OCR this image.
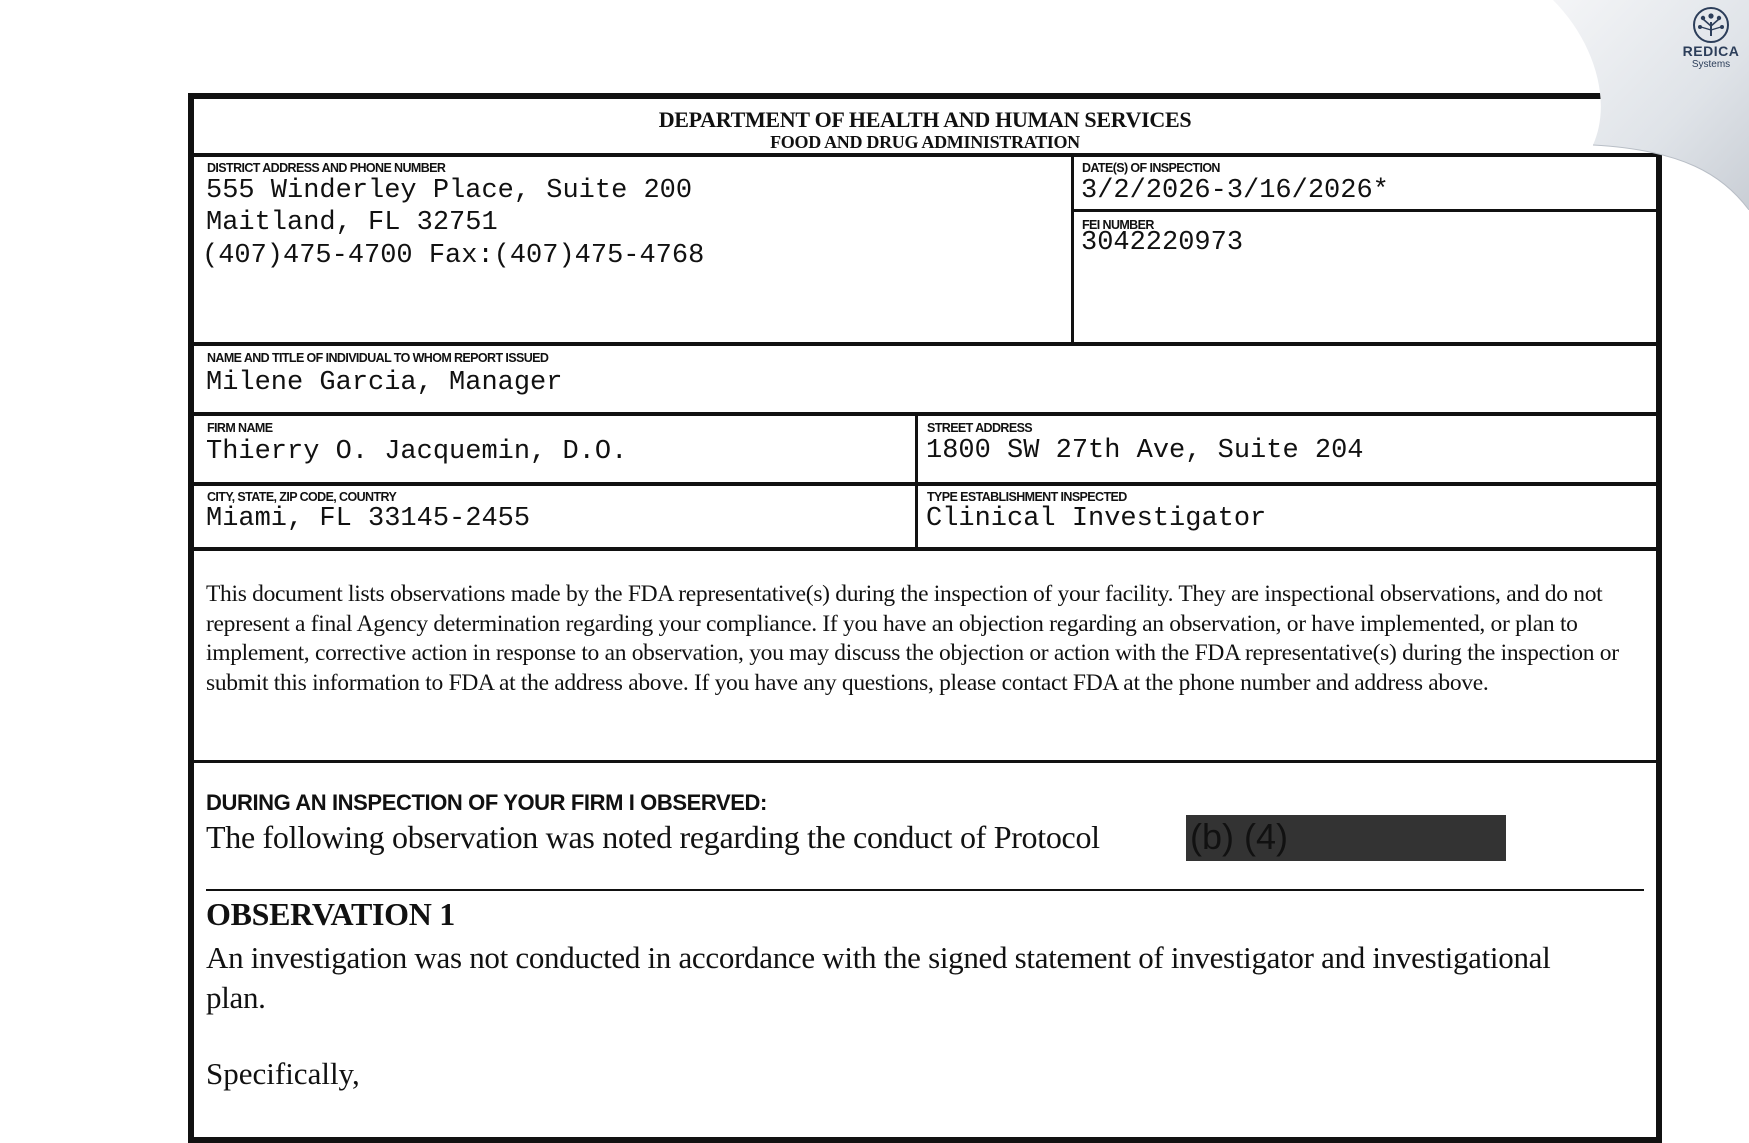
DEPARTMENT OF HEALTH AND HUMAN SERVICES
FOOD AND DRUG ADMINISTRATION
DISTRICT ADDRESS AND PHONE NUMBER
555 Winderley Place, Suite 200
Maitland, FL 32751
(407)475-4700 Fax:(407)475-4768
DATE(S) OF INSPECTION
3/2/2026-3/16/2026*
FEI NUMBER
3042220973
NAME AND TITLE OF INDIVIDUAL TO WHOM REPORT ISSUED
Milene Garcia, Manager
FIRM NAME
Thierry O. Jacquemin, D.O.
STREET ADDRESS
1800 SW 27th Ave, Suite 204
CITY, STATE, ZIP CODE, COUNTRY
Miami, FL 33145-2455
TYPE ESTABLISHMENT INSPECTED
Clinical Investigator
This document lists observations made by the FDA representative(s) during the inspection of your facility. They are inspectional observations, and do not represent a final Agency determination regarding your compliance. If you have an objection regarding an observation, or have implemented, or plan to implement, corrective action in response to an observation, you may discuss the objection or action with the FDA representative(s) during the inspection or submit this information to FDA at the address above. If you have any questions, please contact FDA at the phone number and address above.
DURING AN INSPECTION OF YOUR FIRM I OBSERVED:
The following observation was noted regarding the conduct of Protocol	(b) (4)
OBSERVATION 1
An investigation was not conducted in accordance with the signed statement of investigator and investigational plan.
Specifically,
REDICA
Systems
